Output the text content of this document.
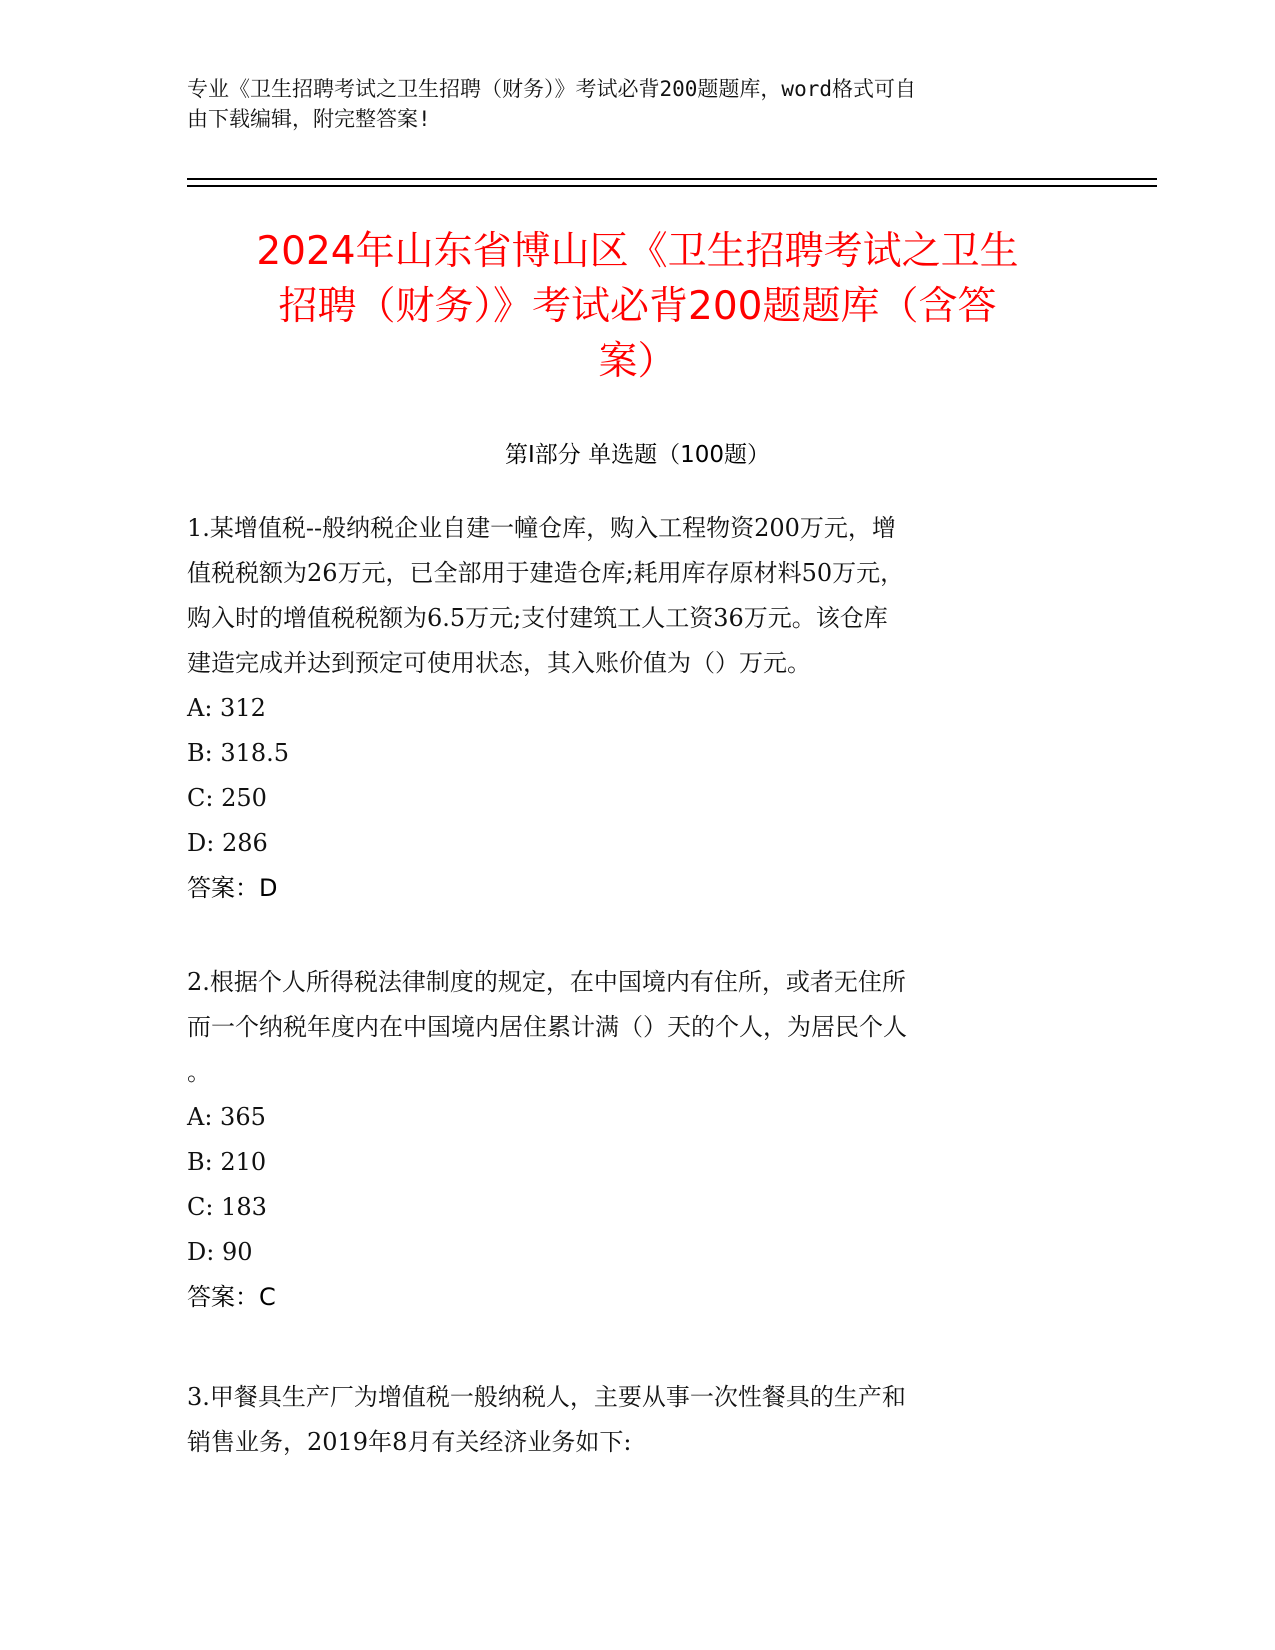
专业《卫生招聘考试之卫生招聘（财务）》考试必背200题题库，word格式可自
由下载编辑，附完整答案!
2024年山东省博山区《卫生招聘考试之卫生
招聘（财务）》考试必背200题题库（含答
案）
第Ⅰ部分 单选题（100题）

1.某增值税--般纳税企业自建一幢仓库，购入工程物资200万元，增

值税税额为26万元，已全部用于建造仓库;耗用库存原材料50万元，

购入时的增值税税额为6.5万元;支付建筑工人工资36万元。该仓库

建造完成并达到预定可使用状态，其入账价值为（）万元。

A: 312

B: 318.5

C: 250

D: 286

答案：D

2.根据个人所得税法律制度的规定，在中国境内有住所，或者无住所

而一个纳税年度内在中国境内居住累计满（）天的个人，为居民个人

。

A: 365

B: 210

C: 183

D: 90

答案：C

3.甲餐具生产厂为增值税一般纳税人，主要从事一次性餐具的生产和

销售业务，2019年8月有关经济业务如下:
